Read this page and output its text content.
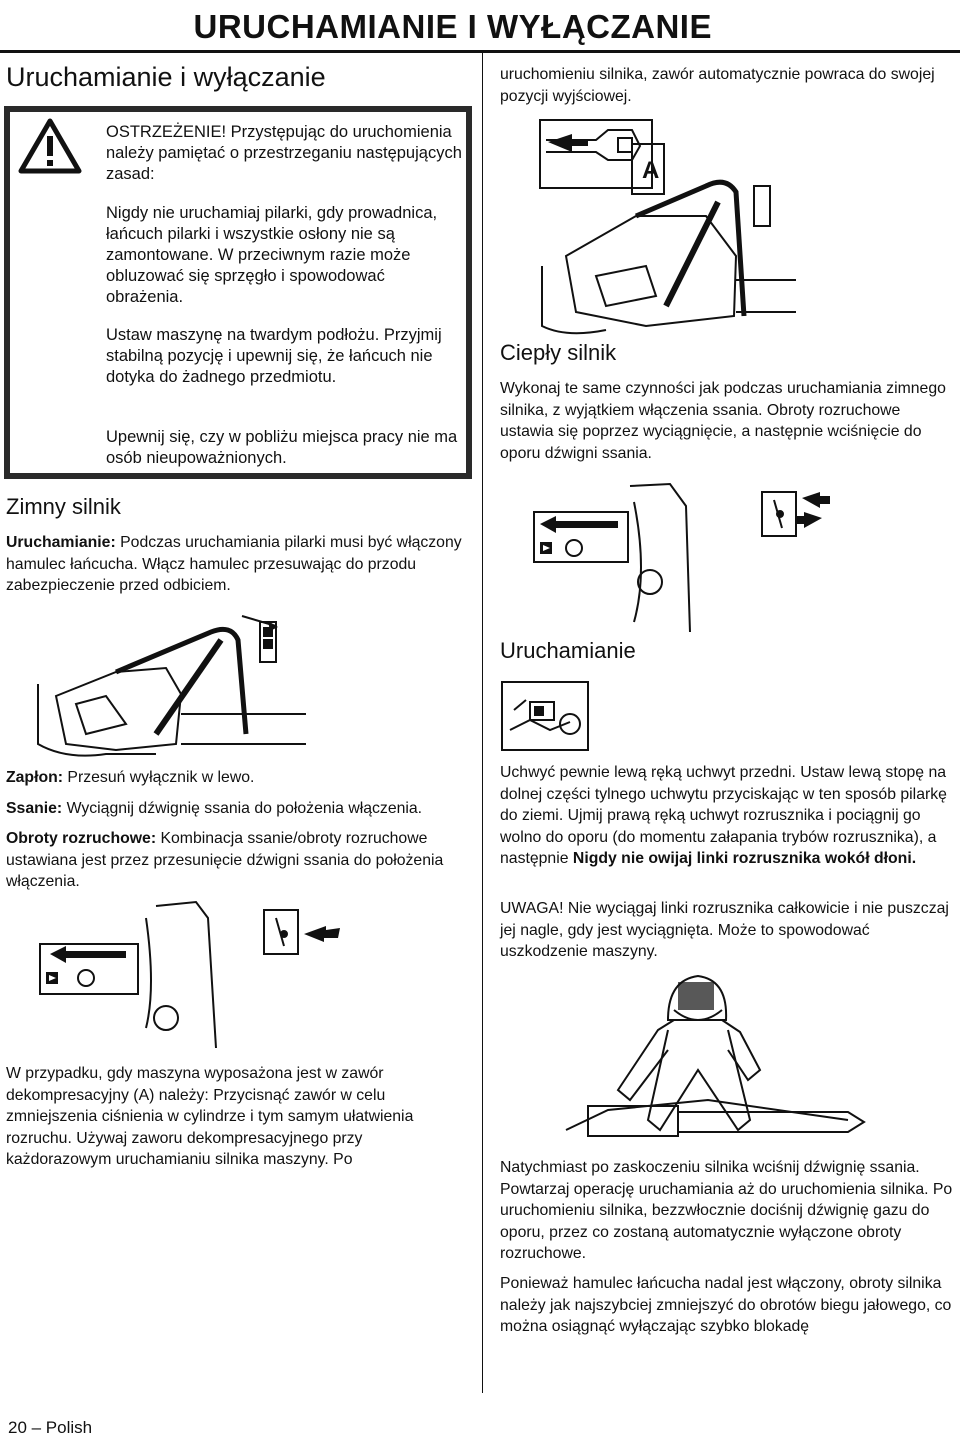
URUCHAMIANIE I WYŁĄCZANIE
Uruchamianie i wyłączanie
OSTRZEŻENIE! Przystępując do uruchomienia należy pamiętać o przestrzeganiu następujących zasad:
Nigdy nie uruchamiaj pilarki, gdy prowadnica, łańcuch pilarki i wszystkie osłony nie są zamontowane. W przeciwnym razie może obluzować się sprzęgło i spowodować obrażenia.
Ustaw maszynę na twardym podłożu. Przyjmij stabilną pozycję i upewnij się, że łańcuch nie dotyka do żadnego przedmiotu.
Upewnij się, czy w pobliżu miejsca pracy nie ma osób nieupoważnionych.
Zimny silnik
Uruchamianie: Podczas uruchamiania pilarki musi być włączony hamulec łańcucha. Włącz hamulec przesuwając do przodu zabezpieczenie przed odbiciem.
Zapłon: Przesuń wyłącznik w lewo.
Ssanie: Wyciągnij dźwignię ssania do położenia włączenia.
Obroty rozruchowe: Kombinacja ssanie/obroty rozruchowe ustawiana jest przez przesunięcie dźwigni ssania do położenia włączenia.
W przypadku, gdy maszyna wyposażona jest w zawór dekompresacyjny (A) należy: Przycisnąć zawór w celu zmniejszenia ciśnienia w cylindrze i tym samym ułatwienia rozruchu. Używaj zaworu dekompresacyjnego przy każdorazowym uruchamianiu silnika maszyny. Po
uruchomieniu silnika, zawór automatycznie powraca do swojej pozycji wyjściowej.
A
Ciepły silnik
Wykonaj te same czynności jak podczas uruchamiania zimnego silnika, z wyjątkiem włączenia ssania. Obroty rozruchowe ustawia się poprzez wyciągnięcie, a następnie wciśnięcie do oporu dźwigni ssania.
Uruchamianie
Uchwyć pewnie lewą ręką uchwyt przedni. Ustaw lewą stopę na dolnej części tylnego uchwytu przyciskając w ten sposób pilarkę do ziemi. Ujmij prawą ręką uchwyt rozrusznika i pociągnij go wolno do oporu (do momentu załapania trybów rozrusznika), a następnie Nigdy nie owijaj linki rozrusznika wokół dłoni.
UWAGA! Nie wyciągaj linki rozrusznika całkowicie i nie puszczaj jej nagle, gdy jest wyciągnięta. Może to spowodować uszkodzenie maszyny.
Natychmiast po zaskoczeniu silnika wciśnij dźwignię ssania. Powtarzaj operację uruchamiania aż do uruchomienia silnika. Po uruchomieniu silnika, bezzwłocznie dociśnij dźwignię gazu do oporu, przez co zostaną automatycznie wyłączone obroty rozruchowe.
Ponieważ hamulec łańcucha nadal jest włączony, obroty silnika należy jak najszybciej zmniejszyć do obrotów biegu jałowego, co można osiągnąć wyłączając szybko blokadę
20 – Polish
